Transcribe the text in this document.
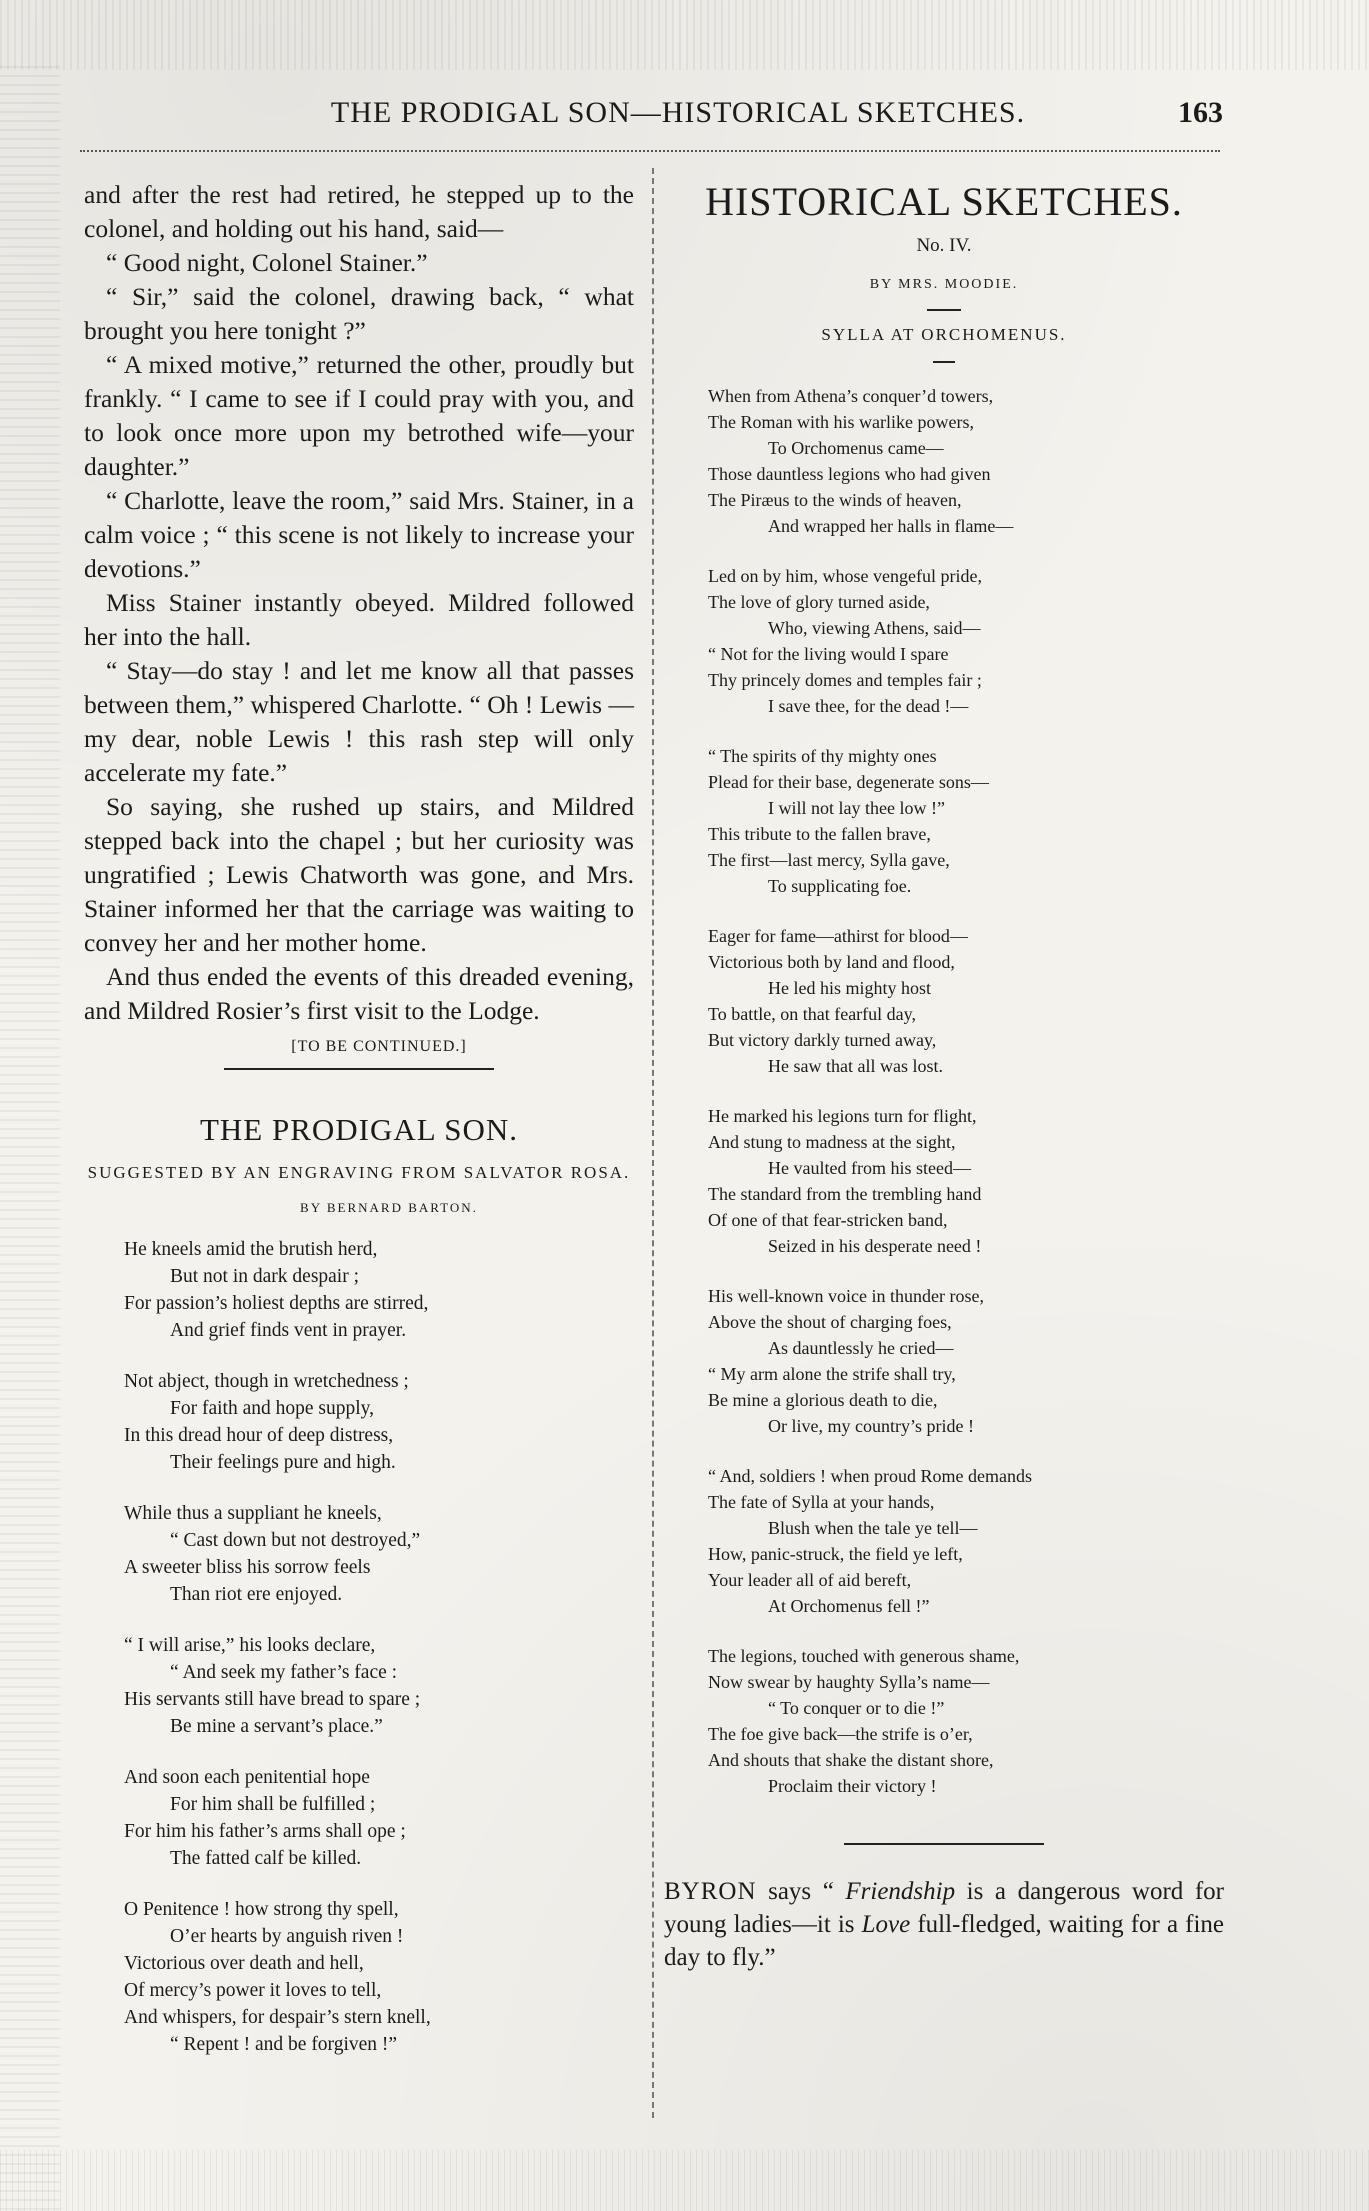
THE PRODIGAL SON—HISTORICAL SKETCHES.	163

and after the rest had retired, he stepped up to the colonel, and holding out his hand, said—

“ Good night, Colonel Stainer.”

“ Sir,” said the colonel, drawing back, “ what brought you here tonight ?”

“ A mixed motive,” returned the other, proudly but frankly. “ I came to see if I could pray with you, and to look once more upon my betrothed wife—your daughter.”

“ Charlotte, leave the room,” said Mrs. Stainer, in a calm voice ; “ this scene is not likely to increase your devotions.”

Miss Stainer instantly obeyed. Mildred followed her into the hall.

“ Stay—do stay ! and let me know all that passes between them,” whispered Charlotte. “ Oh ! Lewis —my dear, noble Lewis ! this rash step will only accelerate my fate.”

So saying, she rushed up stairs, and Mildred stepped back into the chapel ; but her curiosity was ungratified ; Lewis Chatworth was gone, and Mrs. Stainer informed her that the carriage was waiting to convey her and her mother home.

And thus ended the events of this dreaded evening, and Mildred Rosier’s first visit to the Lodge.

[TO BE CONTINUED.]
THE PRODIGAL SON.
SUGGESTED BY AN ENGRAVING FROM SALVATOR ROSA.
BY BERNARD BARTON.
He kneels amid the brutish herd,
But not in dark despair ;
For passion’s holiest depths are stirred,
And grief finds vent in prayer.
Not abject, though in wretchedness ;
For faith and hope supply,
In this dread hour of deep distress,
Their feelings pure and high.
While thus a suppliant he kneels,
“ Cast down but not destroyed,”
A sweeter bliss his sorrow feels
Than riot ere enjoyed.
“ I will arise,” his looks declare,
“ And seek my father’s face :
His servants still have bread to spare ;
Be mine a servant’s place.”
And soon each penitential hope
For him shall be fulfilled ;
For him his father’s arms shall ope ;
The fatted calf be killed.
O Penitence ! how strong thy spell,
O’er hearts by anguish riven !
Victorious over death and hell,
Of mercy’s power it loves to tell,
And whispers, for despair’s stern knell,
“ Repent ! and be forgiven !”
HISTORICAL SKETCHES.
No. IV.
BY MRS. MOODIE.
SYLLA AT ORCHOMENUS.
When from Athena’s conquer’d towers,
The Roman with his warlike powers,
To Orchomenus came—
Those dauntless legions who had given
The Piræus to the winds of heaven,
And wrapped her halls in flame—
Led on by him, whose vengeful pride,
The love of glory turned aside,
Who, viewing Athens, said—
“ Not for the living would I spare
Thy princely domes and temples fair ;
I save thee, for the dead !—
“ The spirits of thy mighty ones
Plead for their base, degenerate sons—
I will not lay thee low !”
This tribute to the fallen brave,
The first—last mercy, Sylla gave,
To supplicating foe.
Eager for fame—athirst for blood—
Victorious both by land and flood,
He led his mighty host
To battle, on that fearful day,
But victory darkly turned away,
He saw that all was lost.
He marked his legions turn for flight,
And stung to madness at the sight,
He vaulted from his steed—
The standard from the trembling hand
Of one of that fear-stricken band,
Seized in his desperate need !
His well-known voice in thunder rose,
Above the shout of charging foes,
As dauntlessly he cried—
“ My arm alone the strife shall try,
Be mine a glorious death to die,
Or live, my country’s pride !
“ And, soldiers ! when proud Rome demands
The fate of Sylla at your hands,
Blush when the tale ye tell—
How, panic-struck, the field ye left,
Your leader all of aid bereft,
At Orchomenus fell !”
The legions, touched with generous shame,
Now swear by haughty Sylla’s name—
“ To conquer or to die !”
The foe give back—the strife is o’er,
And shouts that shake the distant shore,
Proclaim their victory !
BYRON says “ Friendship is a dangerous word for young ladies—it is Love full-fledged, waiting for a fine day to fly.”
